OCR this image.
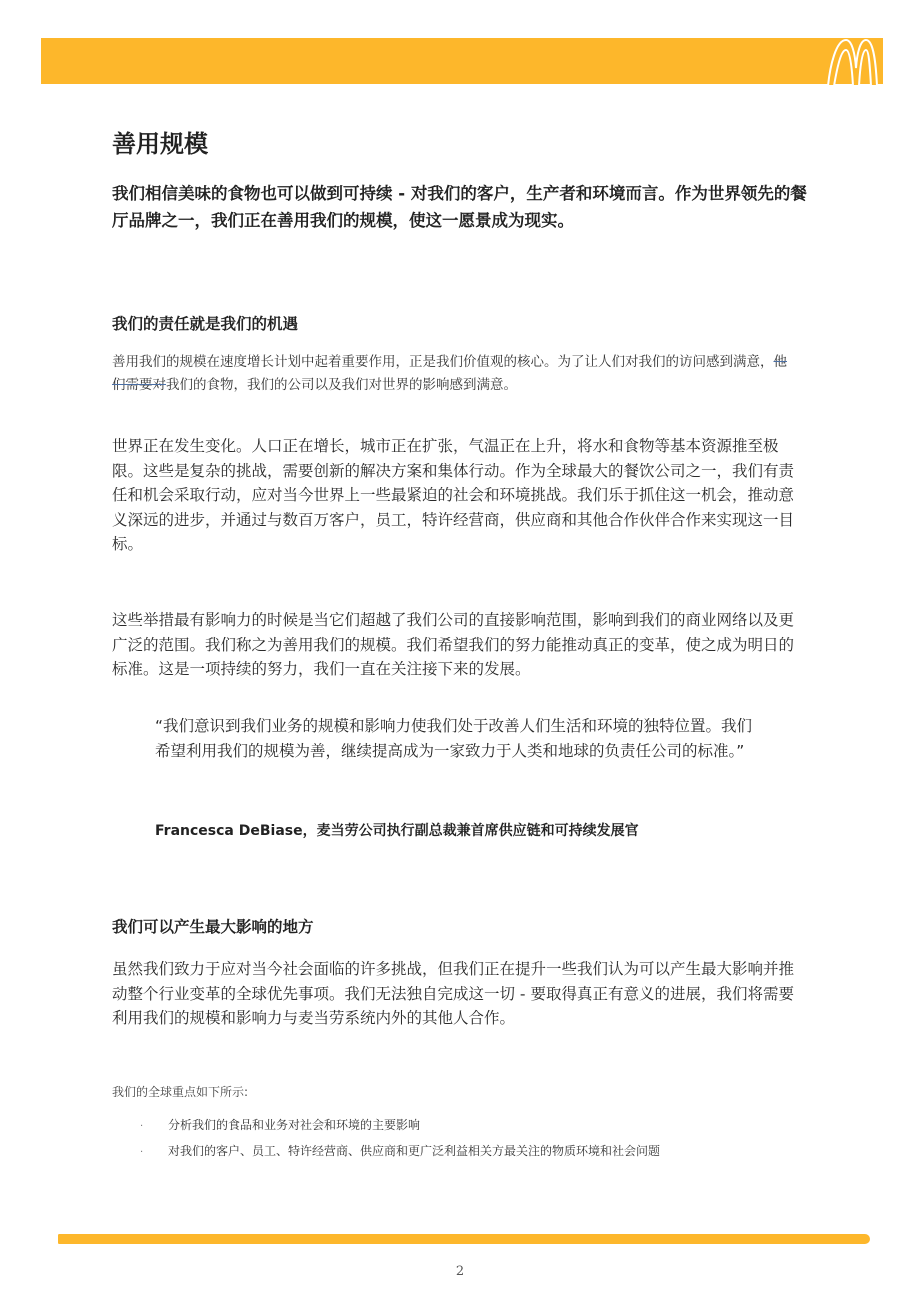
善用规模

我们相信美味的食物也可以做到可持续 - 对我们的客户，生产者和环境而言。作为世界领先的餐厅品牌之一，我们正在善用我们的规模，使这一愿景成为现实。

我们的责任就是我们的机遇

善用我们的规模在速度增长计划中起着重要作用，正是我们价值观的核心。为了让人们对我们的访问感到满意，他们需要对我们的食物，我们的公司以及我们对世界的影响感到满意。

世界正在发生变化。人口正在增长，城市正在扩张，气温正在上升，将水和食物等基本资源推至极限。这些是复杂的挑战，需要创新的解决方案和集体行动。作为全球最大的餐饮公司之一，我们有责任和机会采取行动，应对当今世界上一些最紧迫的社会和环境挑战。我们乐于抓住这一机会，推动意义深远的进步，并通过与数百万客户，员工，特许经营商，供应商和其他合作伙伴合作来实现这一目标。

这些举措最有影响力的时候是当它们超越了我们公司的直接影响范围，影响到我们的商业网络以及更广泛的范围。我们称之为善用我们的规模。我们希望我们的努力能推动真正的变革，使之成为明日的标准。这是一项持续的努力，我们一直在关注接下来的发展。

“我们意识到我们业务的规模和影响力使我们处于改善人们生活和环境的独特位置。我们希望利用我们的规模为善，继续提高成为一家致力于人类和地球的负责任公司的标准。”

Francesca DeBiase，麦当劳公司执行副总裁兼首席供应链和可持续发展官

我们可以产生最大影响的地方

虽然我们致力于应对当今社会面临的许多挑战，但我们正在提升一些我们认为可以产生最大影响并推动整个行业变革的全球优先事项。我们无法独自完成这一切 - 要取得真正有意义的进展，我们将需要利用我们的规模和影响力与麦当劳系统内外的其他人合作。

我们的全球重点如下所示:

·	分析我们的食品和业务对社会和环境的主要影响
·	对我们的客户、员工、特许经营商、供应商和更广泛利益相关方最关注的物质环境和社会问题
2
